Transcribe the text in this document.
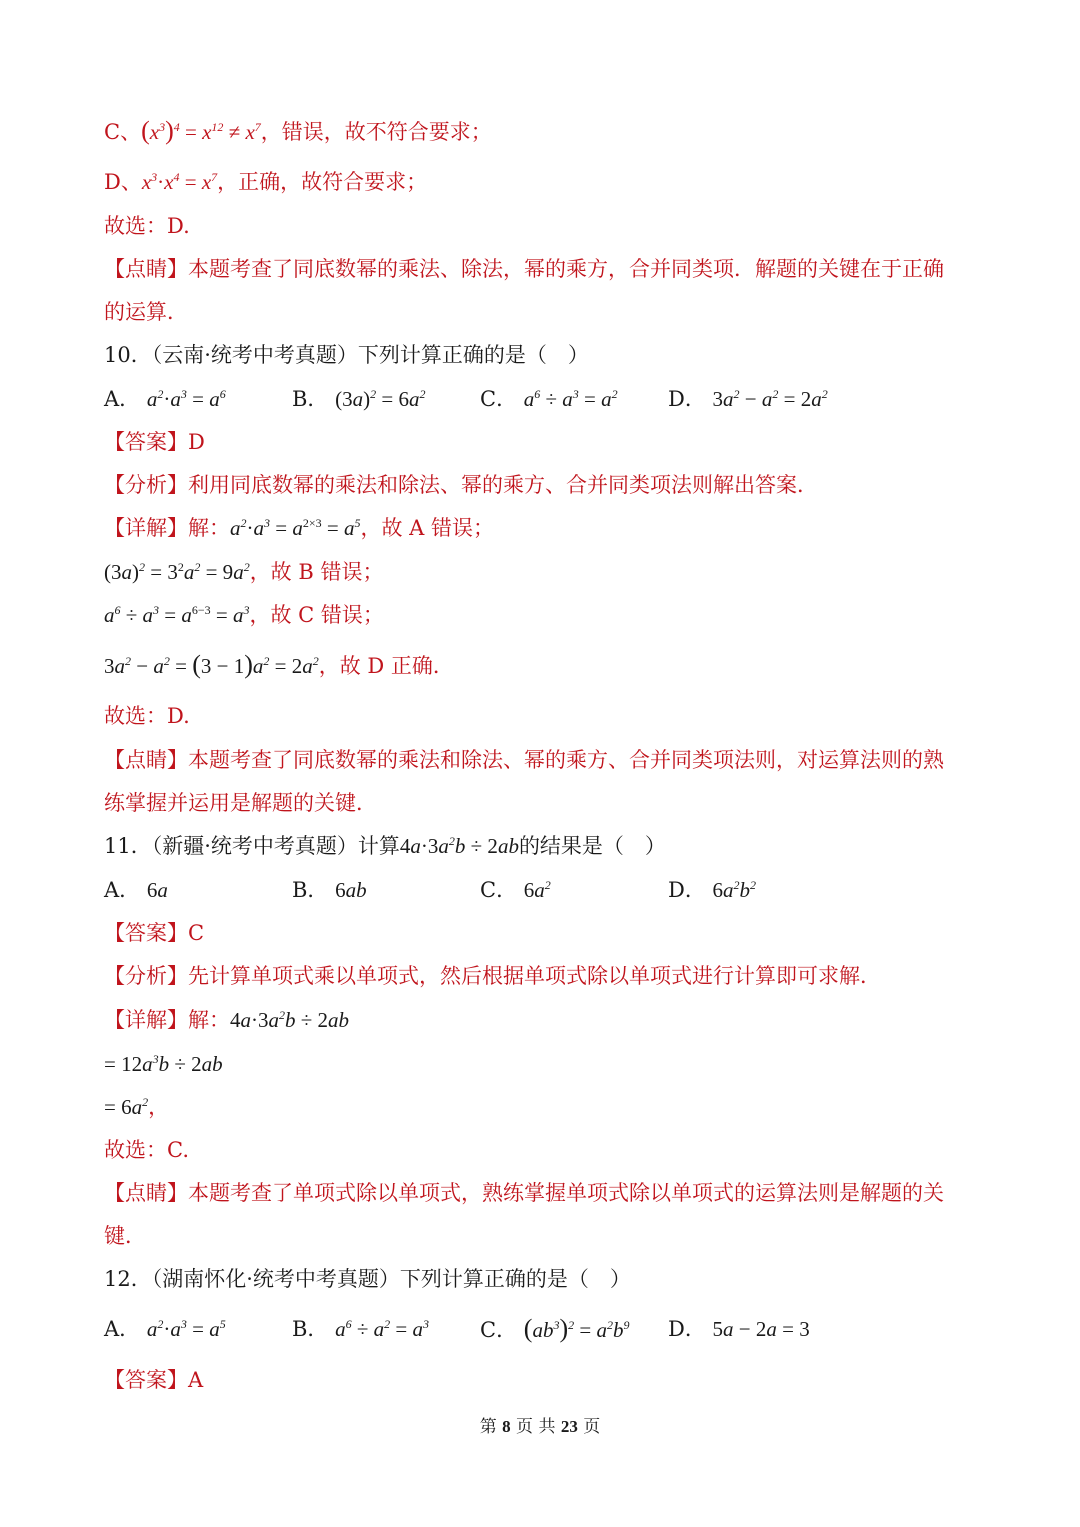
C、$(x^3)^4 = x^{12} \ne x^7$，错误，故不符合要求；
D、$x^3\cdot x^4 = x^7$，正确，故符合要求；
故选：D.
【点睛】本题考查了同底数幂的乘法、除法，幂的乘方，合并同类项．解题的关键在于正确
的运算．
10．（云南·统考中考真题）下列计算正确的是（　）
A． $a^2\cdot a^3 = a^6$	B． $(3a)^2 = 6a^2$	C． $a^6 \div a^3 = a^2$ D． $3a^2 - a^2 = 2a^2$
【答案】D
【分析】利用同底数幂的乘法和除法、幂的乘方、合并同类项法则解出答案．
【详解】解：$a^2\cdot a^3 = a^{2\times 3} = a^5$，故 A 错误；
$(3a)^2 = 3^2a^2 = 9a^2$，故 B 错误；
$a^6 \div a^3 = a^{6-3} = a^3$，故 C 错误；
$3a^2 - a^2 = (3 - 1)a^2 = 2a^2$，故 D 正确．
故选：D.
【点睛】本题考查了同底数幂的乘法和除法、幂的乘方、合并同类项法则，对运算法则的熟
练掌握并运用是解题的关键．
11．（新疆·统考中考真题）计算$4a\cdot 3a^2b \div 2ab$的结果是（　）
A． 6a	B． 6ab	C． $6a^2$	D． $6a^2b^2$
【答案】C
【分析】先计算单项式乘以单项式，然后根据单项式除以单项式进行计算即可求解．
【详解】解：$4a\cdot 3a^2b \div 2ab$
= $12a^3b \div 2ab$
= $6a^2$，
故选：C.
【点睛】本题考查了单项式除以单项式，熟练掌握单项式除以单项式的运算法则是解题的关
键．
12．（湖南怀化·统考中考真题）下列计算正确的是（　）
A． $a^2\cdot a^3 = a^5$	B． $a^6 \div a^2 = a^3$ C． $(ab^3)^2 = a^2b^9$ D． 5a − 2a = 3
【答案】A
第 8 页 共 23 页
